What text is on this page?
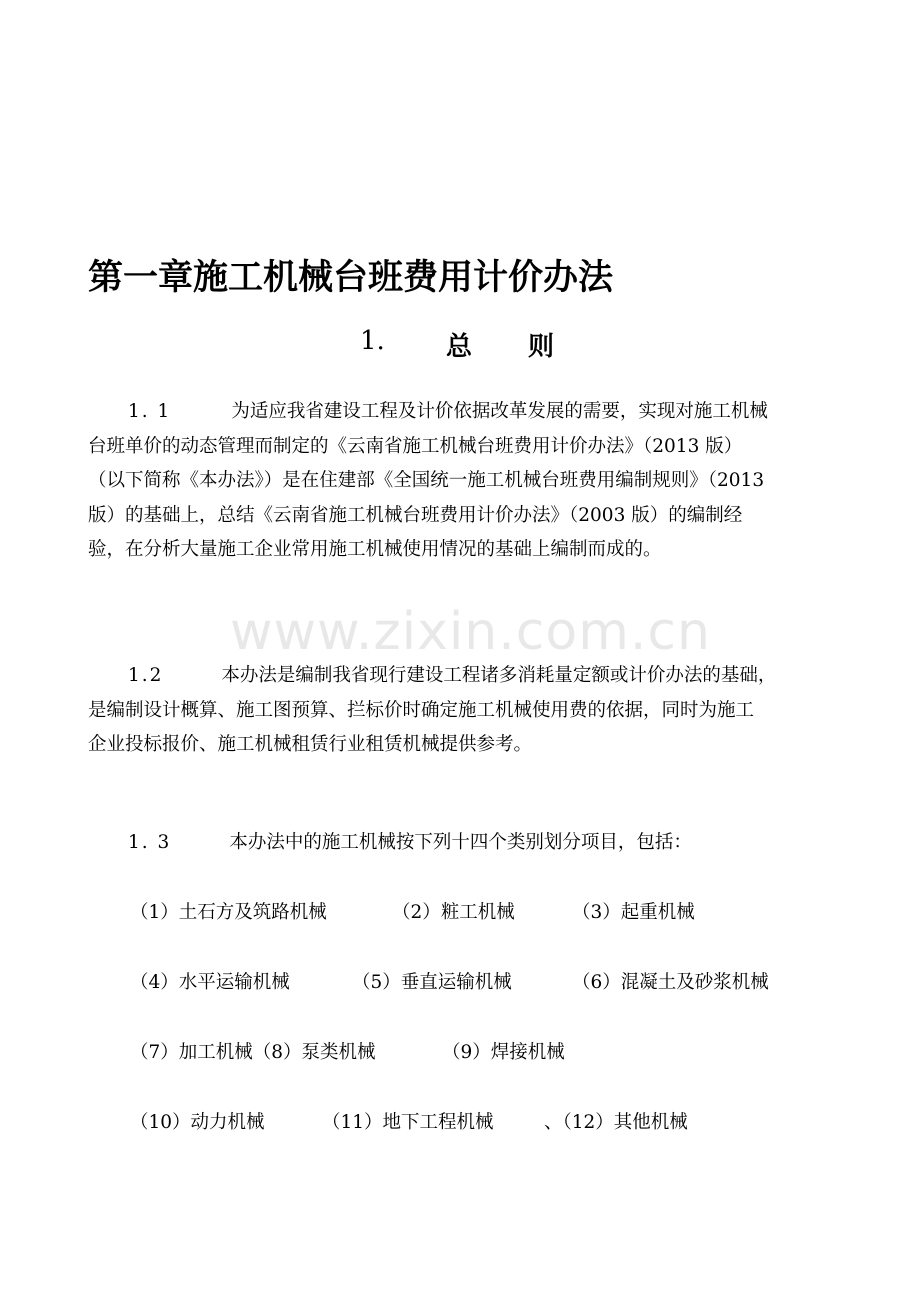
第一章施工机械台班费用计价办法
1. 总 则
1. 1	为适应我省建设工程及计价依据改革发展的需要，实现对施工机械
台班单价的动态管理而制定的《云南省施工机械台班费用计价办法》（2013 版）
（以下简称《本办法》）是在住建部《全国统一施工机械台班费用编制规则》（2013
版）的基础上，总结《云南省施工机械台班费用计价办法》（2003 版）的编制经
验，在分析大量施工企业常用施工机械使用情况的基础上编制而成的。
www.zixin.com.cn
1.2	本办法是编制我省现行建设工程诸多消耗量定额或计价办法的基础，
是编制设计概算、施工图预算、拦标价时确定施工机械使用费的依据，同时为施工
企业投标报价、施工机械租赁行业租赁机械提供参考。
1. 3	本办法中的施工机械按下列十四个类别划分项目，包括：
（1）土石方及筑路机械	（2）粧工机械	（3）起重机械
（4）水平运输机械	（5）垂直运输机械	（6）混凝土及砂浆机械
（7）加工机械（8）泵类机械	（9）焊接机械
（10）动力机械	（11）地下工程机械	、（12）其他机械
